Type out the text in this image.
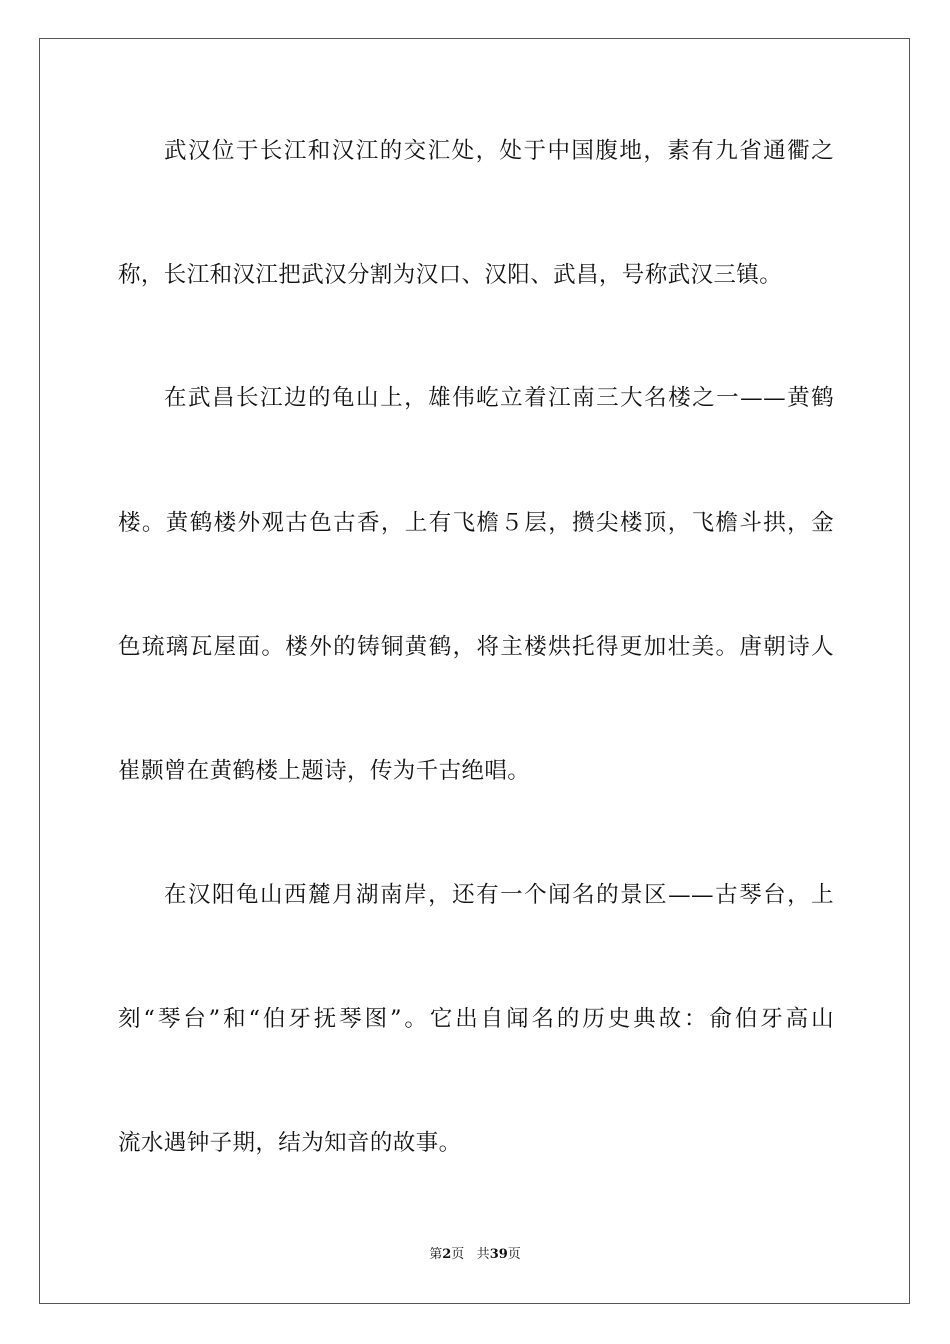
武汉位于长江和汉江的交汇处，处于中国腹地，素有九省通衢之
称，长江和汉江把武汉分割为汉口、汉阳、武昌，号称武汉三镇。
在武昌长江边的龟山上，雄伟屹立着江南三大名楼之一——黄鹤
楼。黄鹤楼外观古色古香，上有飞檐５层，攒尖楼顶，飞檐斗拱，金
色琉璃瓦屋面。楼外的铸铜黄鹤，将主楼烘托得更加壮美。唐朝诗人
崔颢曾在黄鹤楼上题诗，传为千古绝唱。
在汉阳龟山西麓月湖南岸，还有一个闻名的景区——古琴台，上
刻“琴台”和“伯牙抚琴图”。它出自闻名的历史典故：俞伯牙高山
流水遇钟子期，结为知音的故事。
第2页 共39页
